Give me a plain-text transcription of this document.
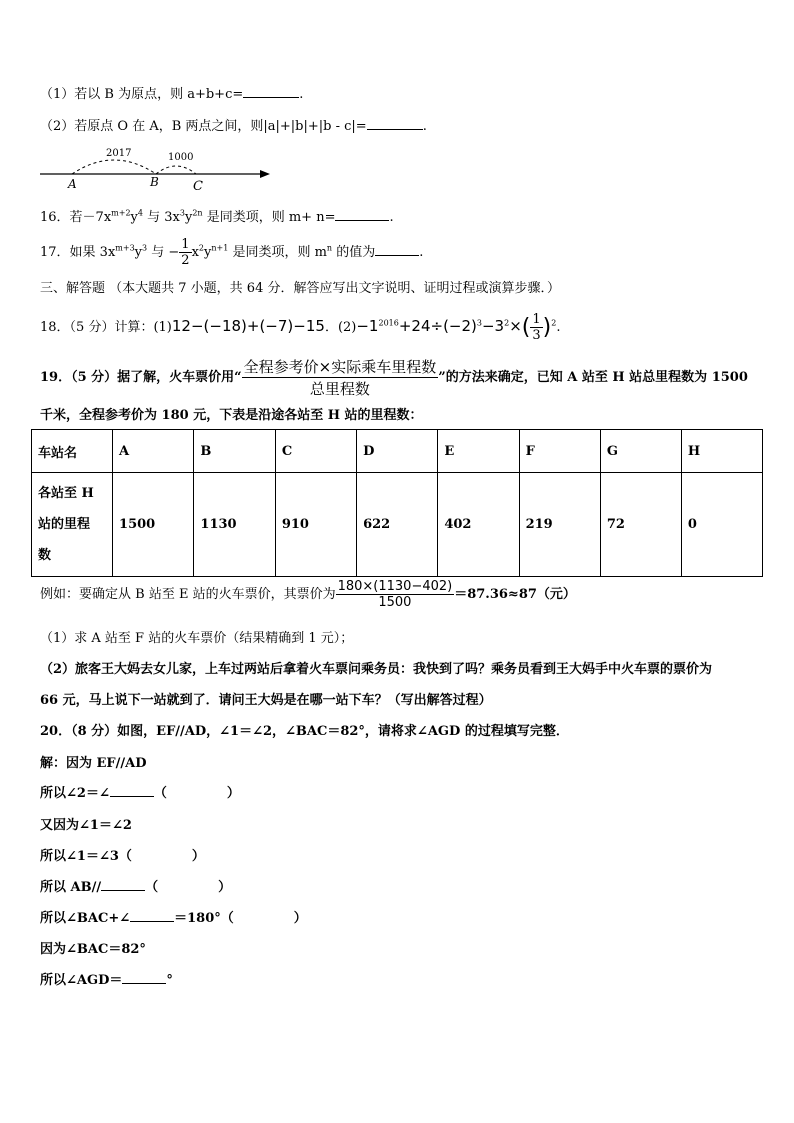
（1）若以 B 为原点，则 a+b+c=	.
（2）若原点 O 在 A，B 两点之间，则|a|+|b|+|b - c|=	.
2017	1000
A	B	C
16．若$-7x^{m+2}y^4$ 与 $3x^3y^{2n}$ 是同类项，则 m+ n=	.
17．如果 $3x^{m+3}y^3$ 与 − $\frac{1}{2} x^2y^{n+1}$ 是同类项，则 $m^n$ 的值为	.
三、解答题 （本大题共 7 小题，共 64 分．解答应写出文字说明、证明过程或演算步骤．）
18．（5 分）计算：(1)12−(−18)+(−7)−15．$(2)-1^{2016}+24\div(-2)^3-3^2\times( \frac{1}{3} )^2$.
19．（5 分）据了解，火车票价用“ $\frac{\text{全程参考价×实际乘车里程数}}{\text{总里程数}}$ ”的方法来确定，已知 A 站至 H 站总里程数为 1500
千米，全程参考价为 180 元，下表是沿途各站至 H 站的里程数：
车站名	A	B	C	D	E	F	G	H
各站至 H
站的里程
数	1500	1130	910	622	402	219	72	0
例如：要确定从 B 站至 E 站的火车票价，其票价为 $\frac{180\times(1130-402)}{1500} =87.36\approx 87$（元）
（1）求 A 站至 F 站的火车票价（结果精确到 1 元）；
（2）旅客王大妈去女儿家，上车过两站后拿着火车票问乘务员：我快到了吗？乘务员看到王大妈手中火车票的票价为
66 元，马上说下一站就到了．请问王大妈是在哪一站下车？（写出解答过程）
20．（8 分）如图，EF//AD，∠1＝∠2，∠BAC＝82°，请将求∠AGD 的过程填写完整．
解：因为 EF//AD
所以∠2＝∠	（	）
又因为∠1＝∠2
所以∠1＝∠3（	）
所以 AB//	（	）
所以∠BAC+∠	＝180°（	）
因为∠BAC＝82°
所以∠AGD＝	°
